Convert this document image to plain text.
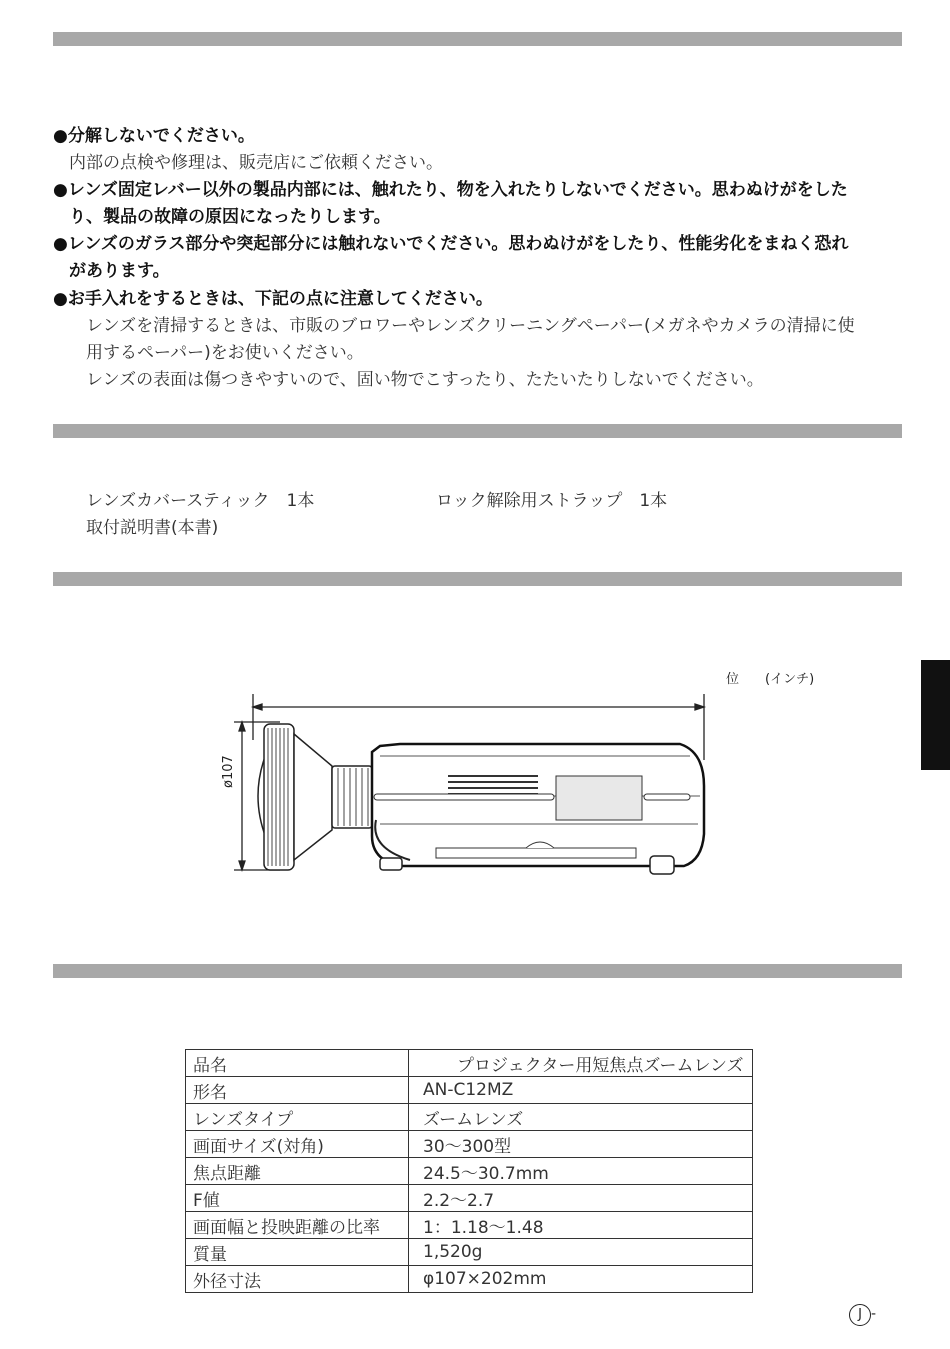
●分解しないでください。
内部の点検や修理は、販売店にご依頼ください。
●レンズ固定レバー以外の製品内部には、触れたり、物を入れたりしないでください。思わぬけがをした
り、製品の故障の原因になったりします。
●レンズのガラス部分や突起部分には触れないでください。思わぬけがをしたり、性能劣化をまねく恐れ
があります。
●お手入れをするときは、下記の点に注意してください。
レンズを清掃するときは、市販のブロワーやレンズクリーニングペーパー(メガネやカメラの清掃に使
用するペーパー)をお使いください。
レンズの表面は傷つきやすいので、固い物でこすったり、たたいたりしないでください。
レンズカバースティック　1本	ロック解除用ストラップ　1本
取付説明書(本書)
位　　(インチ)
ø107
品名	　　プロジェクター用短焦点ズームレンズ
形名	AN-C12MZ
レンズタイプ	ズームレンズ
画面サイズ(対角)	30〜300型
焦点距離	24.5〜30.7mm
F値	2.2〜2.7
画面幅と投映距離の比率	1：1.18〜1.48
質量	1,520g
外径寸法	φ107×202mm
J -
